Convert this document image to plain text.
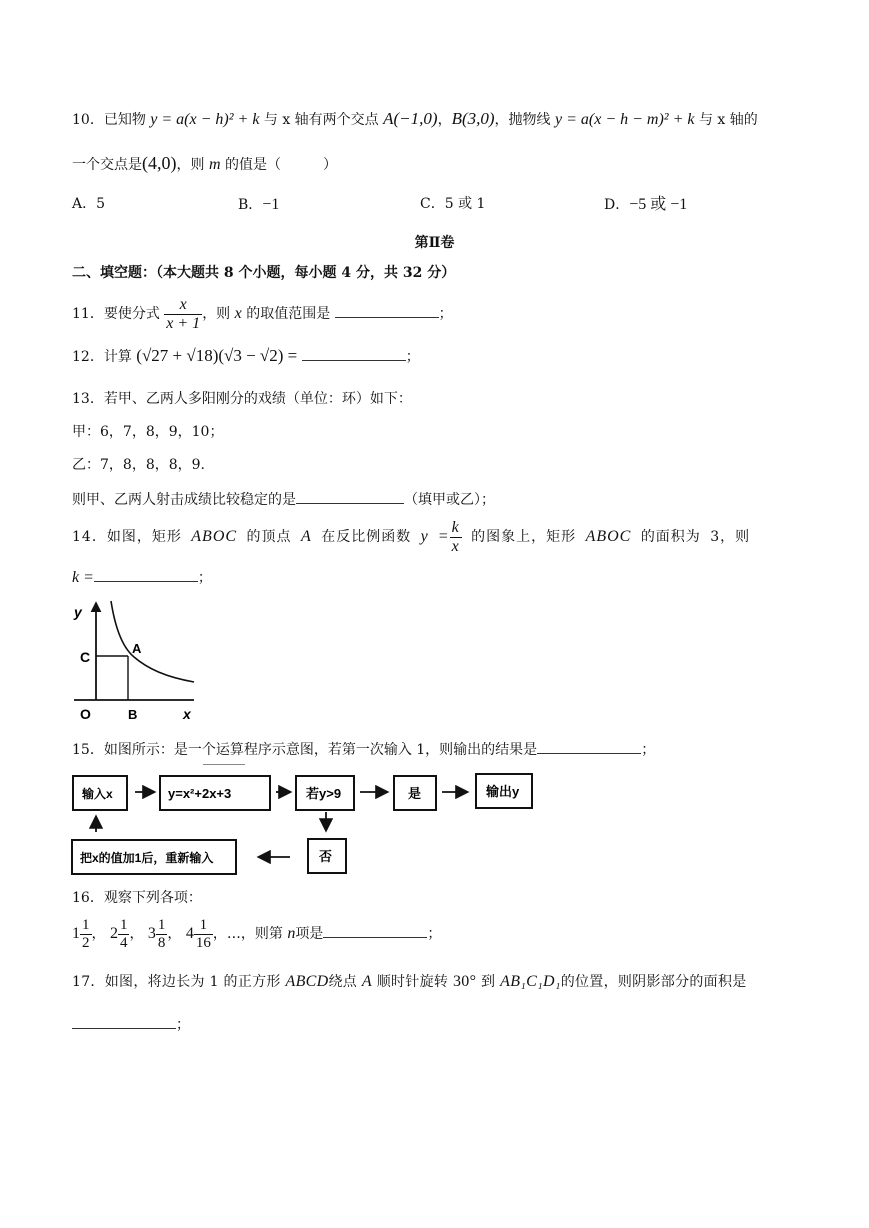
10．已知物 y = a(x − h)² + k 与 x 轴有两个交点 A(−1,0)，B(3,0)，抛物线 y = a(x − h − m)² + k 与 x 轴的
一个交点是(4,0)，则 m 的值是（　　　）
A．5	B．−1	C．5 或 1	D．−5 或 −1
第Ⅱ卷
二、填空题：（本大题共 8 个小题，每小题 4 分，共 32 分）
11．要使分式 $\frac{x}{x + 1}$ ，则 x 的取值范围是	；
12．计算 (√27 + √18)(√3 − √2) =	；
13．若甲、乙两人多阳刚分的戏绩（单位：环）如下：
甲：6，7，8，9，10；
乙：7，8，8，8，9.
则甲、乙两人射击成绩比较稳定的是	（填甲或乙）；
14．如图，矩形 ABOC 的顶点 A 在反比例函数 $y = \frac{k}{x}$ 的图象上，矩形 ABOC 的面积为 3，则
k =	；
y
x
C
A
O	B
15．如图所示：是一个运算程序示意图，若第一次输入 1，则输出的结果是	；
输入x	y=x²+2x+3	若y>9	是	输出y
否
把x的值加1后，重新输入
16．观察下列各项：
$1 \frac{1}{2}$ ， $2 \frac{1}{4}$ ， $3 \frac{1}{8}$ ， $4 \frac{1}{16}$ ，…，则第 n项是	；
17．如图，将边长为 1 的正方形 ABCD绕点 A 顺时针旋转 30° 到 AB₁C₁D₁的位置，则阴影部分的面积是
；
